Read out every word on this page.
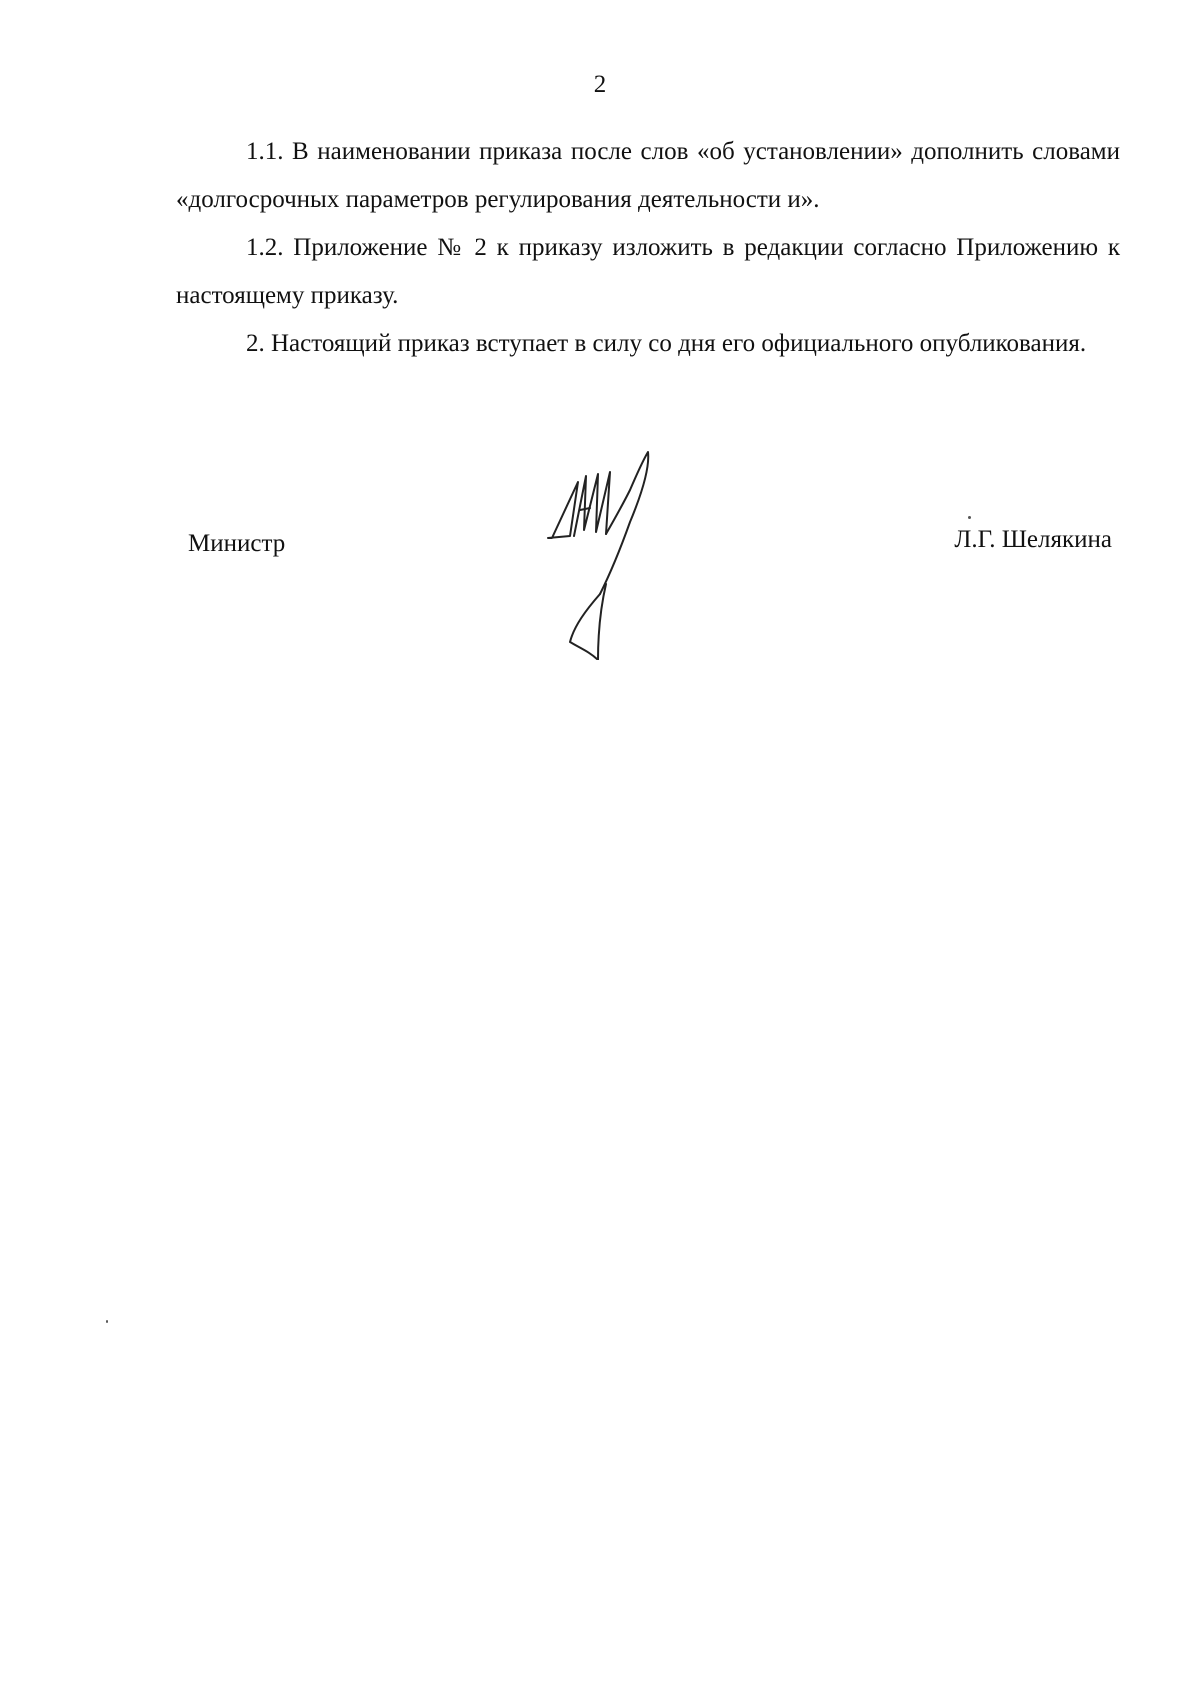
2

1.1. В наименовании приказа после слов «об установлении» дополнить словами «долгосрочных параметров регулирования деятельности и».

1.2. Приложение № 2 к приказу изложить в редакции согласно Приложению к настоящему приказу.

2. Настоящий приказ вступает в силу со дня его официального опубликования.

Министр	Л.Г. Шелякина
